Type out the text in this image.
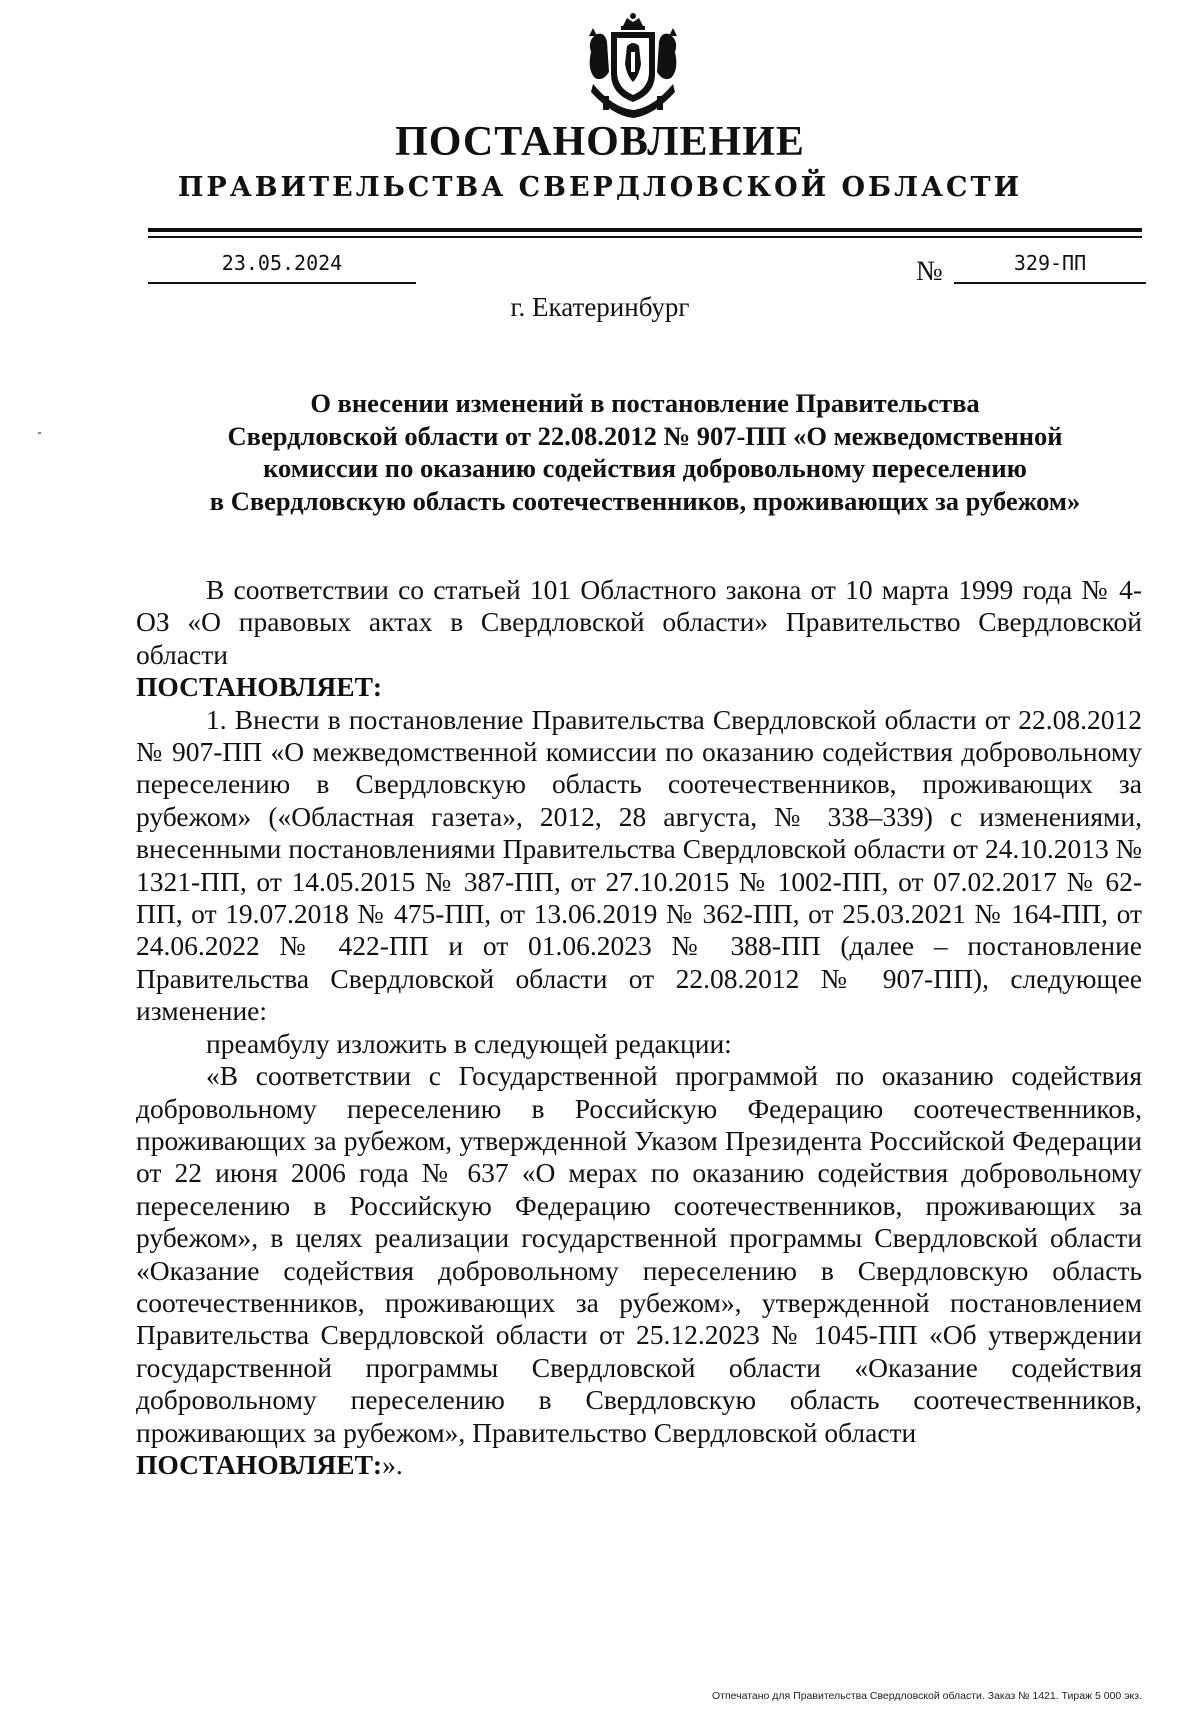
ПОСТАНОВЛЕНИЕ
ПРАВИТЕЛЬСТВА СВЕРДЛОВСКОЙ ОБЛАСТИ
23.05.2024	№	329-ПП
г. Екатеринбург
О внесении изменений в постановление Правительства
Свердловской области от 22.08.2012 № 907-ПП «О межведомственной
комиссии по оказанию содействия добровольному переселению
в Свердловскую область соотечественников, проживающих за рубежом»

В соответствии со статьей 101 Областного закона от 10 марта 1999 года № 4-ОЗ «О правовых актах в Свердловской области» Правительство Свердловской области

ПОСТАНОВЛЯЕТ:

1. Внести в постановление Правительства Свердловской области от 22.08.2012 № 907-ПП «О межведомственной комиссии по оказанию содействия добровольному переселению в Свердловскую область соотечественников, проживающих за рубежом» («Областная газета», 2012, 28 августа, № 338–339) с изменениями, внесенными постановлениями Правительства Свердловской области от 24.10.2013 № 1321-ПП, от 14.05.2015 № 387-ПП, от 27.10.2015 № 1002-ПП, от 07.02.2017 № 62-ПП, от 19.07.2018 № 475-ПП, от 13.06.2019 № 362-ПП, от 25.03.2021 № 164-ПП, от 24.06.2022 № 422-ПП и от 01.06.2023 № 388-ПП (далее – постановление Правительства Свердловской области от 22.08.2012 № 907-ПП), следующее изменение:

преамбулу изложить в следующей редакции:

«В соответствии с Государственной программой по оказанию содействия добровольному переселению в Российскую Федерацию соотечественников, проживающих за рубежом, утвержденной Указом Президента Российской Федерации от 22 июня 2006 года № 637 «О мерах по оказанию содействия добровольному переселению в Российскую Федерацию соотечественников, проживающих за рубежом», в целях реализации государственной программы Свердловской области «Оказание содействия добровольному переселению в Свердловскую область соотечественников, проживающих за рубежом», утвержденной постановлением Правительства Свердловской области от 25.12.2023 № 1045-ПП «Об утверждении государственной программы Свердловской области «Оказание содействия добровольному переселению в Свердловскую область соотечественников, проживающих за рубежом», Правительство Свердловской области

ПОСТАНОВЛЯЕТ:».

Отпечатано для Правительства Свердловской области. Заказ № 1421. Тираж 5 000 экз.
